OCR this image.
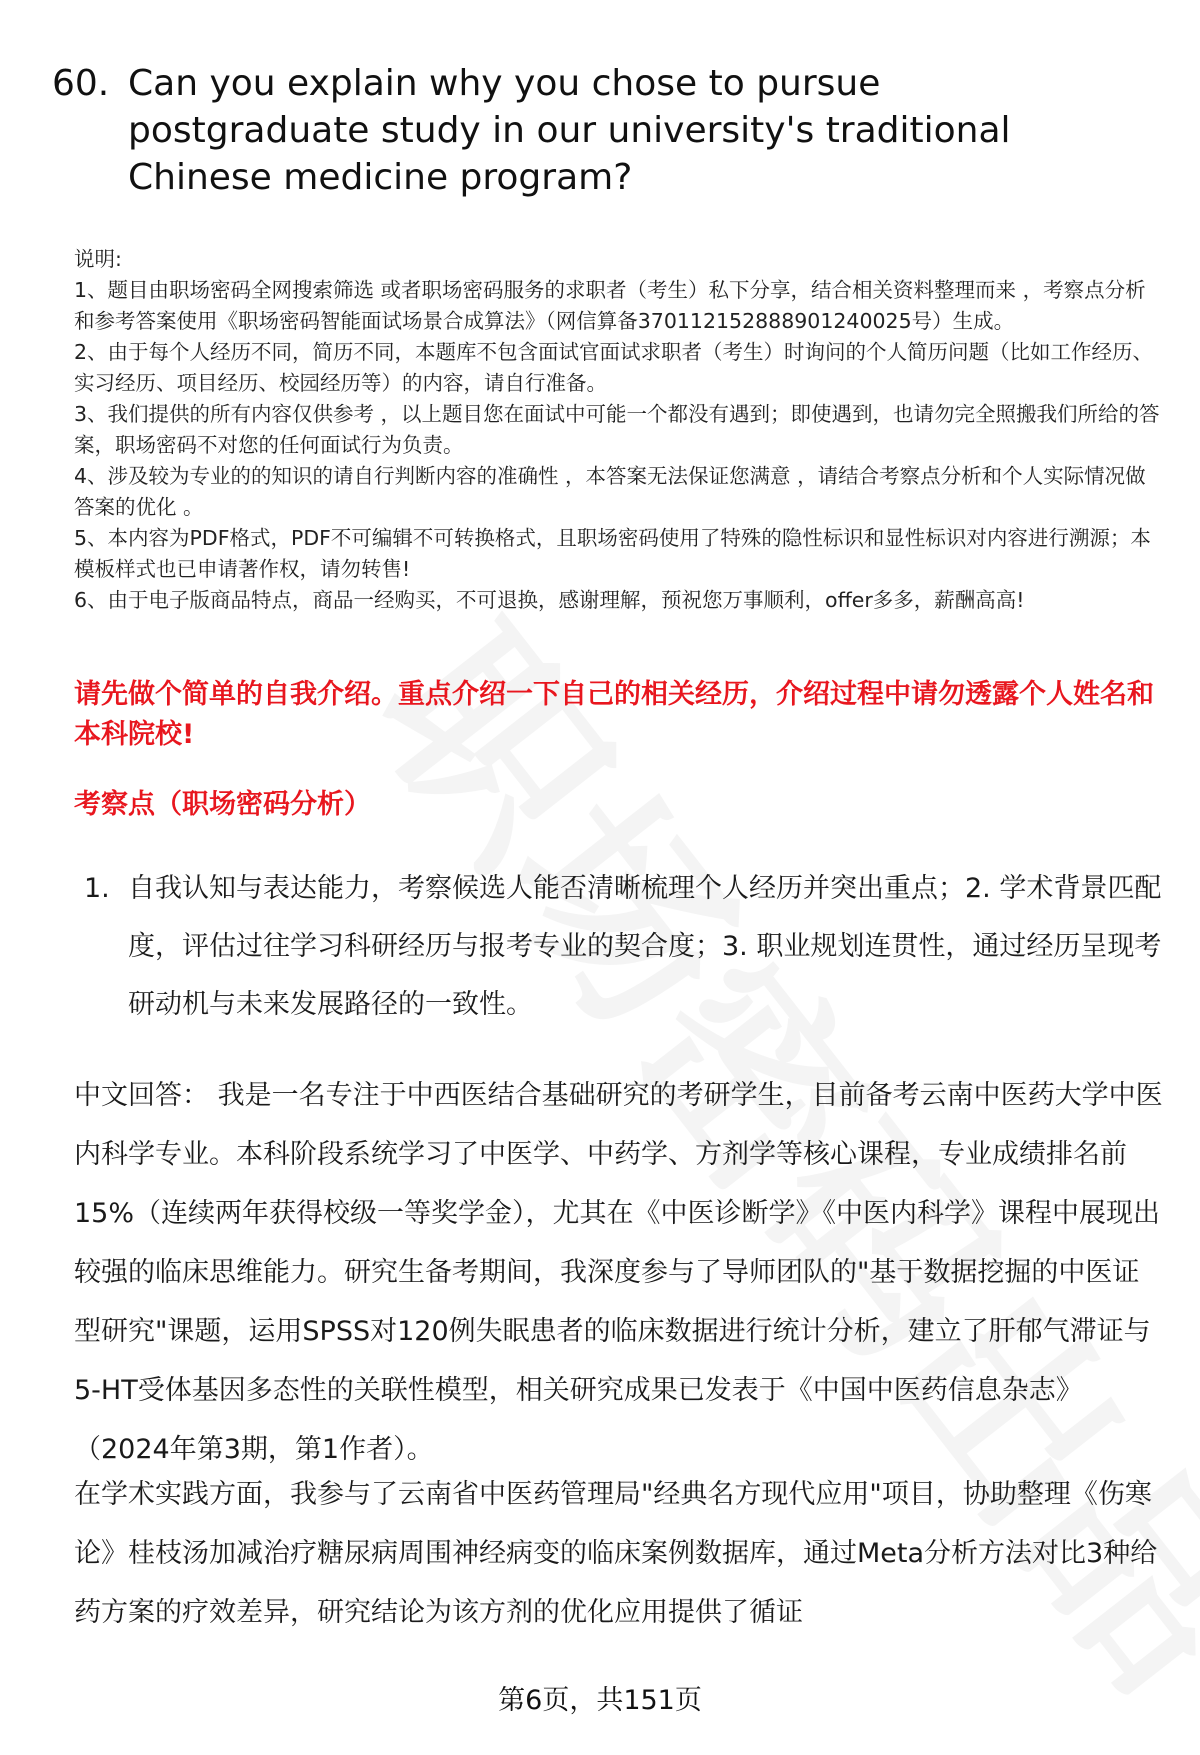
60. Can you explain why you chose to pursue postgraduate study in our university's traditional Chinese medicine program?

说明:

1、题目由职场密码全网搜索筛选 或者职场密码服务的求职者（考生）私下分享，结合相关资料整理而来 ，考察点分析和参考答案使用《职场密码智能面试场景合成算法》（网信算备370112152888901240025号）生成。

2、由于每个人经历不同，简历不同，本题库不包含面试官面试求职者（考生）时询问的个人简历问题（比如工作经历、实习经历、项目经历、校园经历等）的内容，请自行准备。

3、我们提供的所有内容仅供参考 ，以上题目您在面试中可能一个都没有遇到；即使遇到，也请勿完全照搬我们所给的答案，职场密码不对您的任何面试行为负责。

4、涉及较为专业的的知识的请自行判断内容的准确性 ，本答案无法保证您满意 ，请结合考察点分析和个人实际情况做答案的优化 。

5、本内容为PDF格式，PDF不可编辑不可转换格式，且职场密码使用了特殊的隐性标识和显性标识对内容进行溯源；本模板样式也已申请著作权，请勿转售!

6、由于电子版商品特点，商品一经购买，不可退换，感谢理解，预祝您万事顺利，offer多多，薪酬高高!

请先做个简单的自我介绍。重点介绍一下自己的相关经历，介绍过程中请勿透露个人姓名和本科院校!
考察点（职场密码分析）
1. 自我认知与表达能力，考察候选人能否清晰梳理个人经历并突出重点；2. 学术背景匹配度，评估过往学习科研经历与报考专业的契合度；3. 职业规划连贯性，通过经历呈现考研动机与未来发展路径的一致性。
中文回答： 我是一名专注于中西医结合基础研究的考研学生，目前备考云南中医药大学中医内科学专业。本科阶段系统学习了中医学、中药学、方剂学等核心课程，专业成绩排名前15%（连续两年获得校级一等奖学金），尤其在《中医诊断学》《中医内科学》课程中展现出较强的临床思维能力。研究生备考期间，我深度参与了导师团队的"基于数据挖掘的中医证型研究"课题，运用SPSS对120例失眠患者的临床数据进行统计分析，建立了肝郁气滞证与5-HT受体基因多态性的关联性模型，相关研究成果已发表于《中国中医药信息杂志》（2024年第3期，第1作者）。
在学术实践方面，我参与了云南省中医药管理局"经典名方现代应用"项目，协助整理《伤寒论》桂枝汤加减治疗糖尿病周围神经病变的临床案例数据库，通过Meta分析方法对比3种给药方案的疗效差异，研究结论为该方剂的优化应用提供了循证
第6页，共151页
